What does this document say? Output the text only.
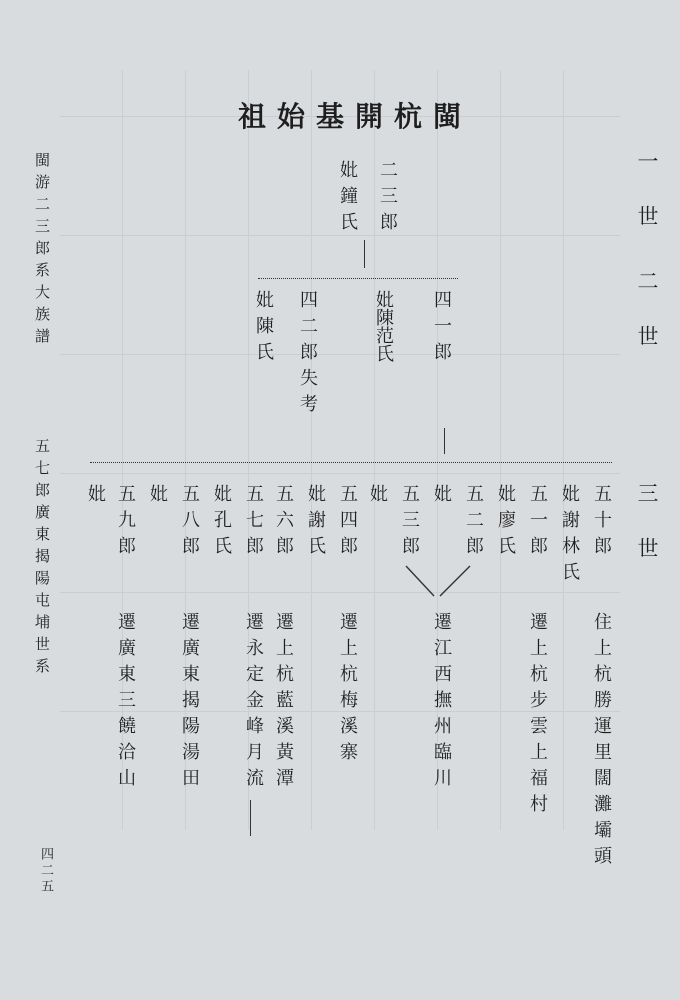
祖始基開杭閩
閩游二三郎系大族譜
五七郎廣東揭陽屯埔世系
四二五
一世
二世
三世
二三郎
妣鐘氏
四一郎
妣陳范氏
四二郎失考
妣陳氏
五十郎
妣謝林氏
五一郎
妣廖氏
五二郎
妣
五三郎
妣
五四郎
妣謝氏
五六郎
五七郎
妣孔氏
五八郎
妣
五九郎
妣
住上杭勝運里闊灘壩頭
遷上杭步雲上福村
遷江西撫州臨川
遷上杭梅溪寨
遷上杭藍溪黃潭
遷永定金峰月流
遷廣東揭陽湯田
遷廣東三饒洽山
